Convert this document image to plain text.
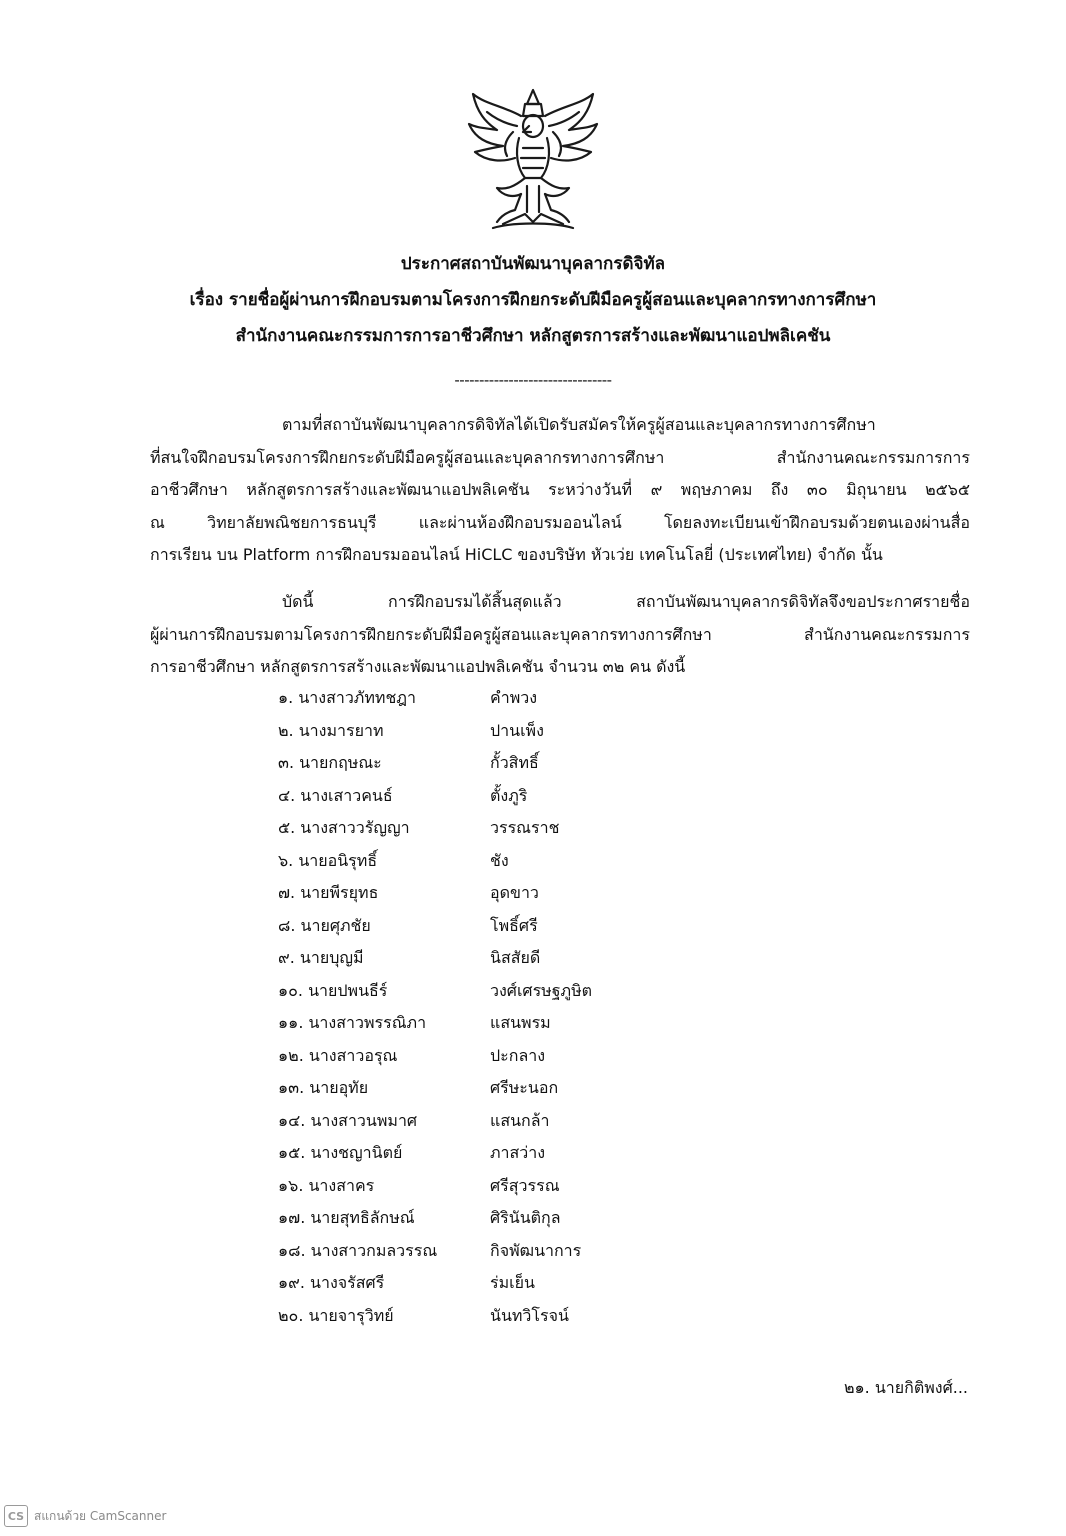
ประกาศสถาบันพัฒนาบุคลากรดิจิทัล
เรื่อง รายชื่อผู้ผ่านการฝึกอบรมตามโครงการฝึกยกระดับฝีมือครูผู้สอนและบุคลากรทางการศึกษา
สำนักงานคณะกรรมการการอาชีวศึกษา หลักสูตรการสร้างและพัฒนาแอปพลิเคชัน
--------------------------------
ตามที่สถาบันพัฒนาบุคลากรดิจิทัลได้เปิดรับสมัครให้ครูผู้สอนและบุคลากรทางการศึกษา
ที่สนใจฝึกอบรมโครงการฝึกยกระดับฝีมือครูผู้สอนและบุคลากรทางการศึกษา สำนักงานคณะกรรมการการ
อาชีวศึกษา หลักสูตรการสร้างและพัฒนาแอปพลิเคชัน ระหว่างวันที่ ๙ พฤษภาคม ถึง ๓๐ มิถุนายน ๒๕๖๕
ณ วิทยาลัยพณิชยการธนบุรี และผ่านห้องฝึกอบรมออนไลน์ โดยลงทะเบียนเข้าฝึกอบรมด้วยตนเองผ่านสื่อ
การเรียน บน Platform การฝึกอบรมออนไลน์ HiCLC ของบริษัท หัวเว่ย เทคโนโลยี่ (ประเทศไทย) จำกัด นั้น
บัดนี้ การฝึกอบรมได้สิ้นสุดแล้ว สถาบันพัฒนาบุคลากรดิจิทัลจึงขอประกาศรายชื่อ
ผู้ผ่านการฝึกอบรมตามโครงการฝึกยกระดับฝีมือครูผู้สอนและบุคลากรทางการศึกษา สำนักงานคณะกรรมการ
การอาชีวศึกษา หลักสูตรการสร้างและพัฒนาแอปพลิเคชัน จำนวน ๓๒ คน ดังนี้
๑. นางสาวภัททชฎา	คำพวง
๒. นางมารยาท	ปานเพ็ง
๓. นายกฤษณะ	กั้วสิทธิ์
๔. นางเสาวคนธ์	ตั้งภูริ
๕. นางสาววรัญญา	วรรณราช
๖. นายอนิรุทธิ์	ชัง
๗. นายพีรยุทธ	อุดขาว
๘. นายศุภชัย	โพธิ์ศรี
๙. นายบุญมี	นิสสัยดี
๑๐. นายปพนธีร์	วงศ์เศรษฐภูษิต
๑๑. นางสาวพรรณิภา	แสนพรม
๑๒. นางสาวอรุณ	ปะกลาง
๑๓. นายอุทัย	ศรีษะนอก
๑๔. นางสาวนพมาศ	แสนกล้า
๑๕. นางชญานิตย์	ภาสว่าง
๑๖. นางสาคร	ศรีสุวรรณ
๑๗. นายสุทธิลักษณ์	ศิรินันติกุล
๑๘. นางสาวกมลวรรณ	กิจพัฒนาการ
๑๙. นางจรัสศรี	ร่มเย็น
๒๐. นายจารุวิทย์	นันทวิโรจน์
๒๑. นายกิติพงศ์...
CS สแกนด้วย CamScanner
